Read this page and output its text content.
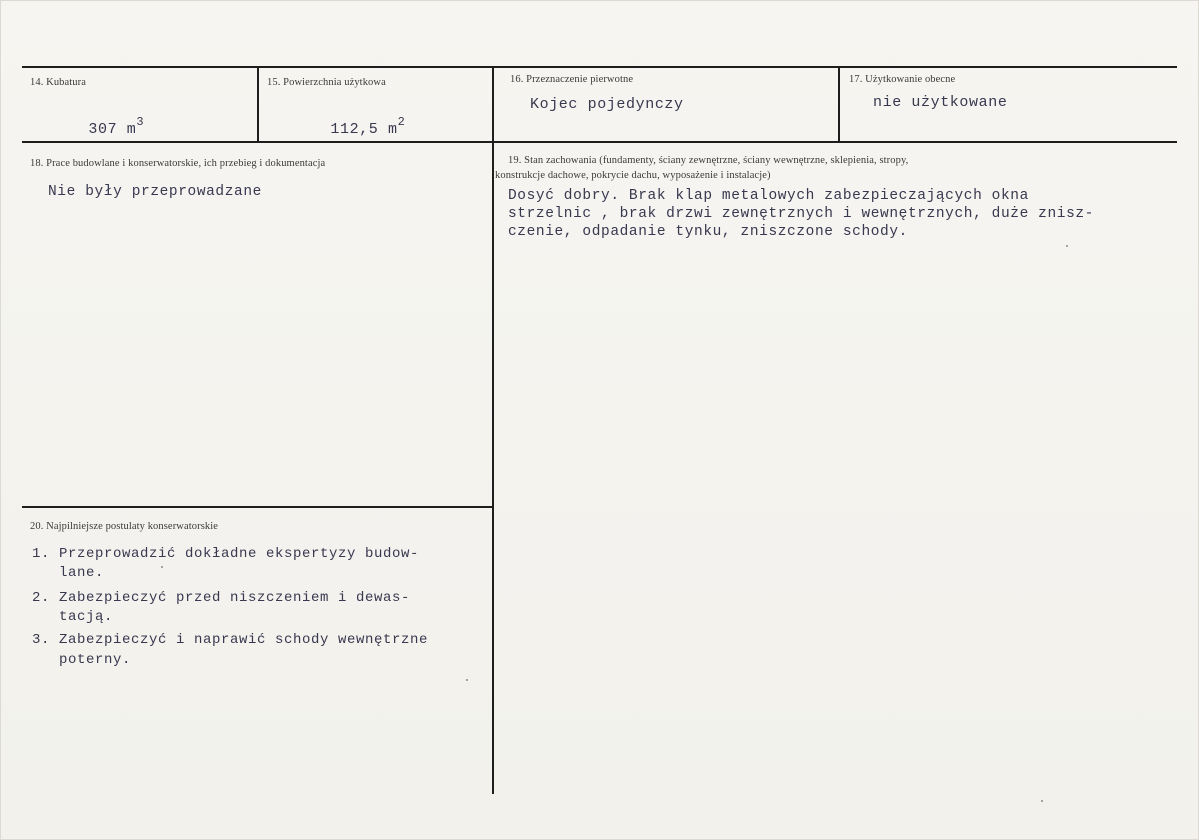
14. Kubatura

307 $m^3$

15. Powierzchnia użytkowa

112,5 $m^2$

16. Przeznaczenie pierwotne
Kojec pojedynczy
17. Użytkowanie obecne
nie użytkowane
18. Prace budowlane i konserwatorskie, ich przebieg i dokumentacja
Nie były przeprowadzane
19. Stan zachowania (fundamenty, ściany zewnętrzne, ściany wewnętrzne, sklepienia, stropy,
konstrukcje dachowe, pokrycie dachu, wyposażenie i instalacje)
Dosyć dobry. Brak klap metalowych zabezpieczających okna
strzelnic , brak drzwi zewnętrznych i wewnętrznych, duże znisz-
czenie, odpadanie tynku, zniszczone schody.
20. Najpilniejsze postulaty konserwatorskie
1. Przeprowadzić dokładne ekspertyzy budow-
lane.
2. Zabezpieczyć przed niszczeniem i dewas-
tacją.
3. Zabezpieczyć i naprawić schody wewnętrzne
poterny.
